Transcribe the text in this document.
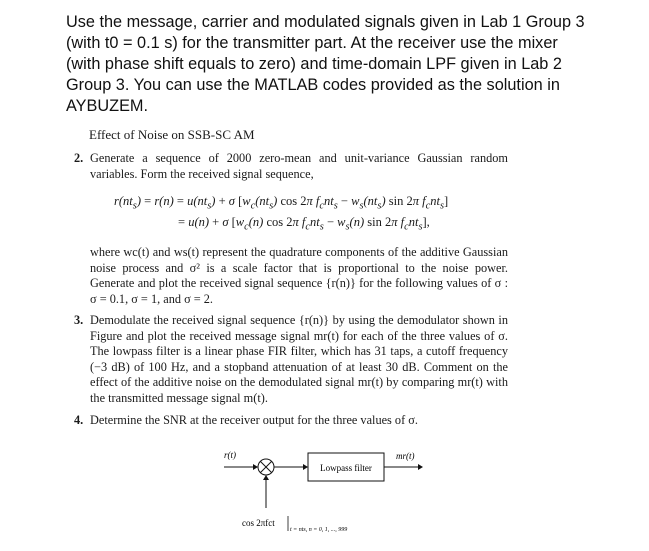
Use the message, carrier and modulated signals given in Lab 1 Group 3
(with t0 = 0.1 s) for the transmitter part. At the receiver use the mixer
(with phase shift equals to zero) and time-domain LPF given in Lab 2
Group 3. You can use the MATLAB codes provided as the solution in
AYBUZEM.
Effect of Noise on SSB-SC AM
2. Generate a sequence of 2000 zero-mean and unit-variance Gaussian random variables. Form the received signal sequence,

$r(nt_s) = r(n) = u(nt_s) + \sigma$ [$w_c(nt_s)$ cos 2π $f_cnt_s - w_s(nt_s)$ sin 2π $f_cnt_s$]
= u(n) + σ [$w_c(n)$ cos 2π $f_cnt_s - w_s(n)$ sin 2π $f_cnt_s$],

where wc(t) and ws(t) represent the quadrature components of the additive Gaussian noise process and σ² is a scale factor that is proportional to the noise power. Generate and plot the received signal sequence {r(n)} for the following values of σ : σ = 0.1, σ = 1, and σ = 2.

3. Demodulate the received signal sequence {r(n)} by using the demodulator shown in Figure and plot the received message signal mr(t) for each of the three values of σ. The lowpass filter is a linear phase FIR filter, which has 31 taps, a cutoff frequency (−3 dB) of 100 Hz, and a stopband attenuation of at least 30 dB. Comment on the effect of the additive noise on the demodulated signal mr(t) by comparing mr(t) with the transmitted message signal m(t).

4. Determine the SNR at the receiver output for the three values of σ.

r(t)
Lowpass filter
mr(t)
cos 2πfct
t = nts, n = 0, 1, ..., 999
